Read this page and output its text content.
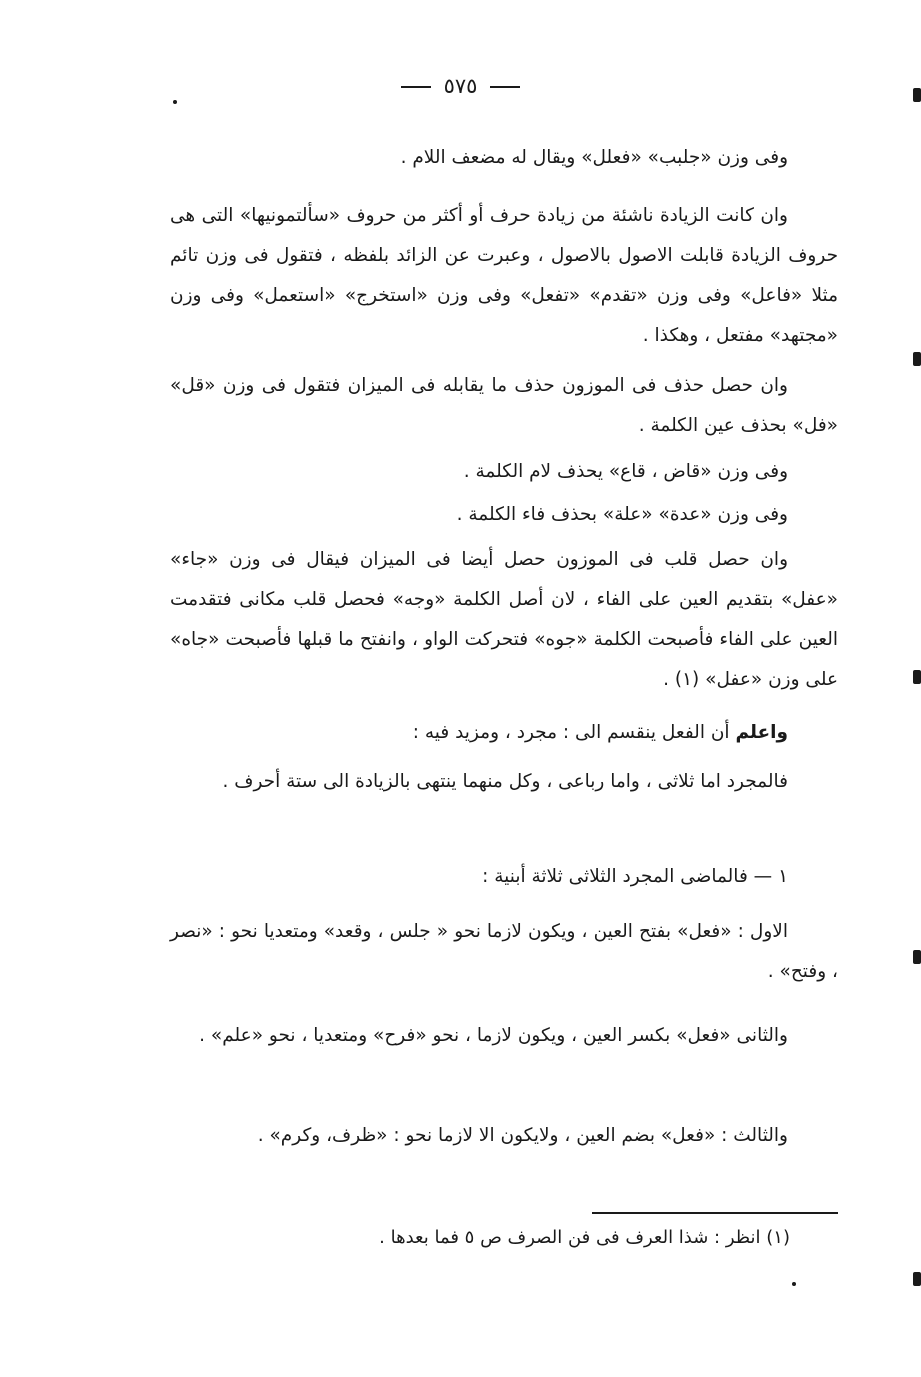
٥٧٥

وفى وزن «جلبب» «فعلل» ويقال له مضعف اللام .

وان كانت الزيادة ناشئة من زيادة حرف أو أكثر من حروف «سألتمونيها» التى هى حروف الزيادة قابلت الاصول بالاصول ، وعبرت عن الزائد بلفظه ، فتقول فى وزن تائم مثلا «فاعل» وفى وزن «تقدم» «تفعل» وفى وزن «استخرج» «استعمل» وفى وزن «مجتهد» مفتعل ، وهكذا .

وان حصل حذف فى الموزون حذف ما يقابله فى الميزان فتقول فى وزن «قل» «فل» بحذف عين الكلمة .

وفى وزن «قاض ، قاع» يحذف لام الكلمة .

وفى وزن «عدة» «علة» بحذف فاء الكلمة .

وان حصل قلب فى الموزون حصل أيضا فى الميزان فيقال فى وزن «جاء» «عفل» بتقديم العين على الفاء ، لان أصل الكلمة «وجه» فحصل قلب مكانى فتقدمت العين على الفاء فأصبحت الكلمة «جوه» فتحركت الواو ، وانفتح ما قبلها فأصبحت «جاه» على وزن «عفل» (١) .

واعلم أن الفعل ينقسم الى : مجرد ، ومزيد فيه :

فالمجرد اما ثلاثى ، واما رباعى ، وكل منهما ينتهى بالزيادة الى ستة أحرف .

١ — فالماضى المجرد الثلاثى ثلاثة أبنية :

الاول : «فعل» بفتح العين ، ويكون لازما نحو « جلس ، وقعد» ومتعديا نحو : «نصر ، وفتح» .

والثانى «فعل» بكسر العين ، ويكون لازما ، نحو «فرح» ومتعديا ، نحو «علم» .

والثالث : «فعل» بضم العين ، ولايكون الا لازما نحو : «ظرف، وكرم» .

(١) انظر : شذا العرف فى فن الصرف ص ٥ فما بعدها .
